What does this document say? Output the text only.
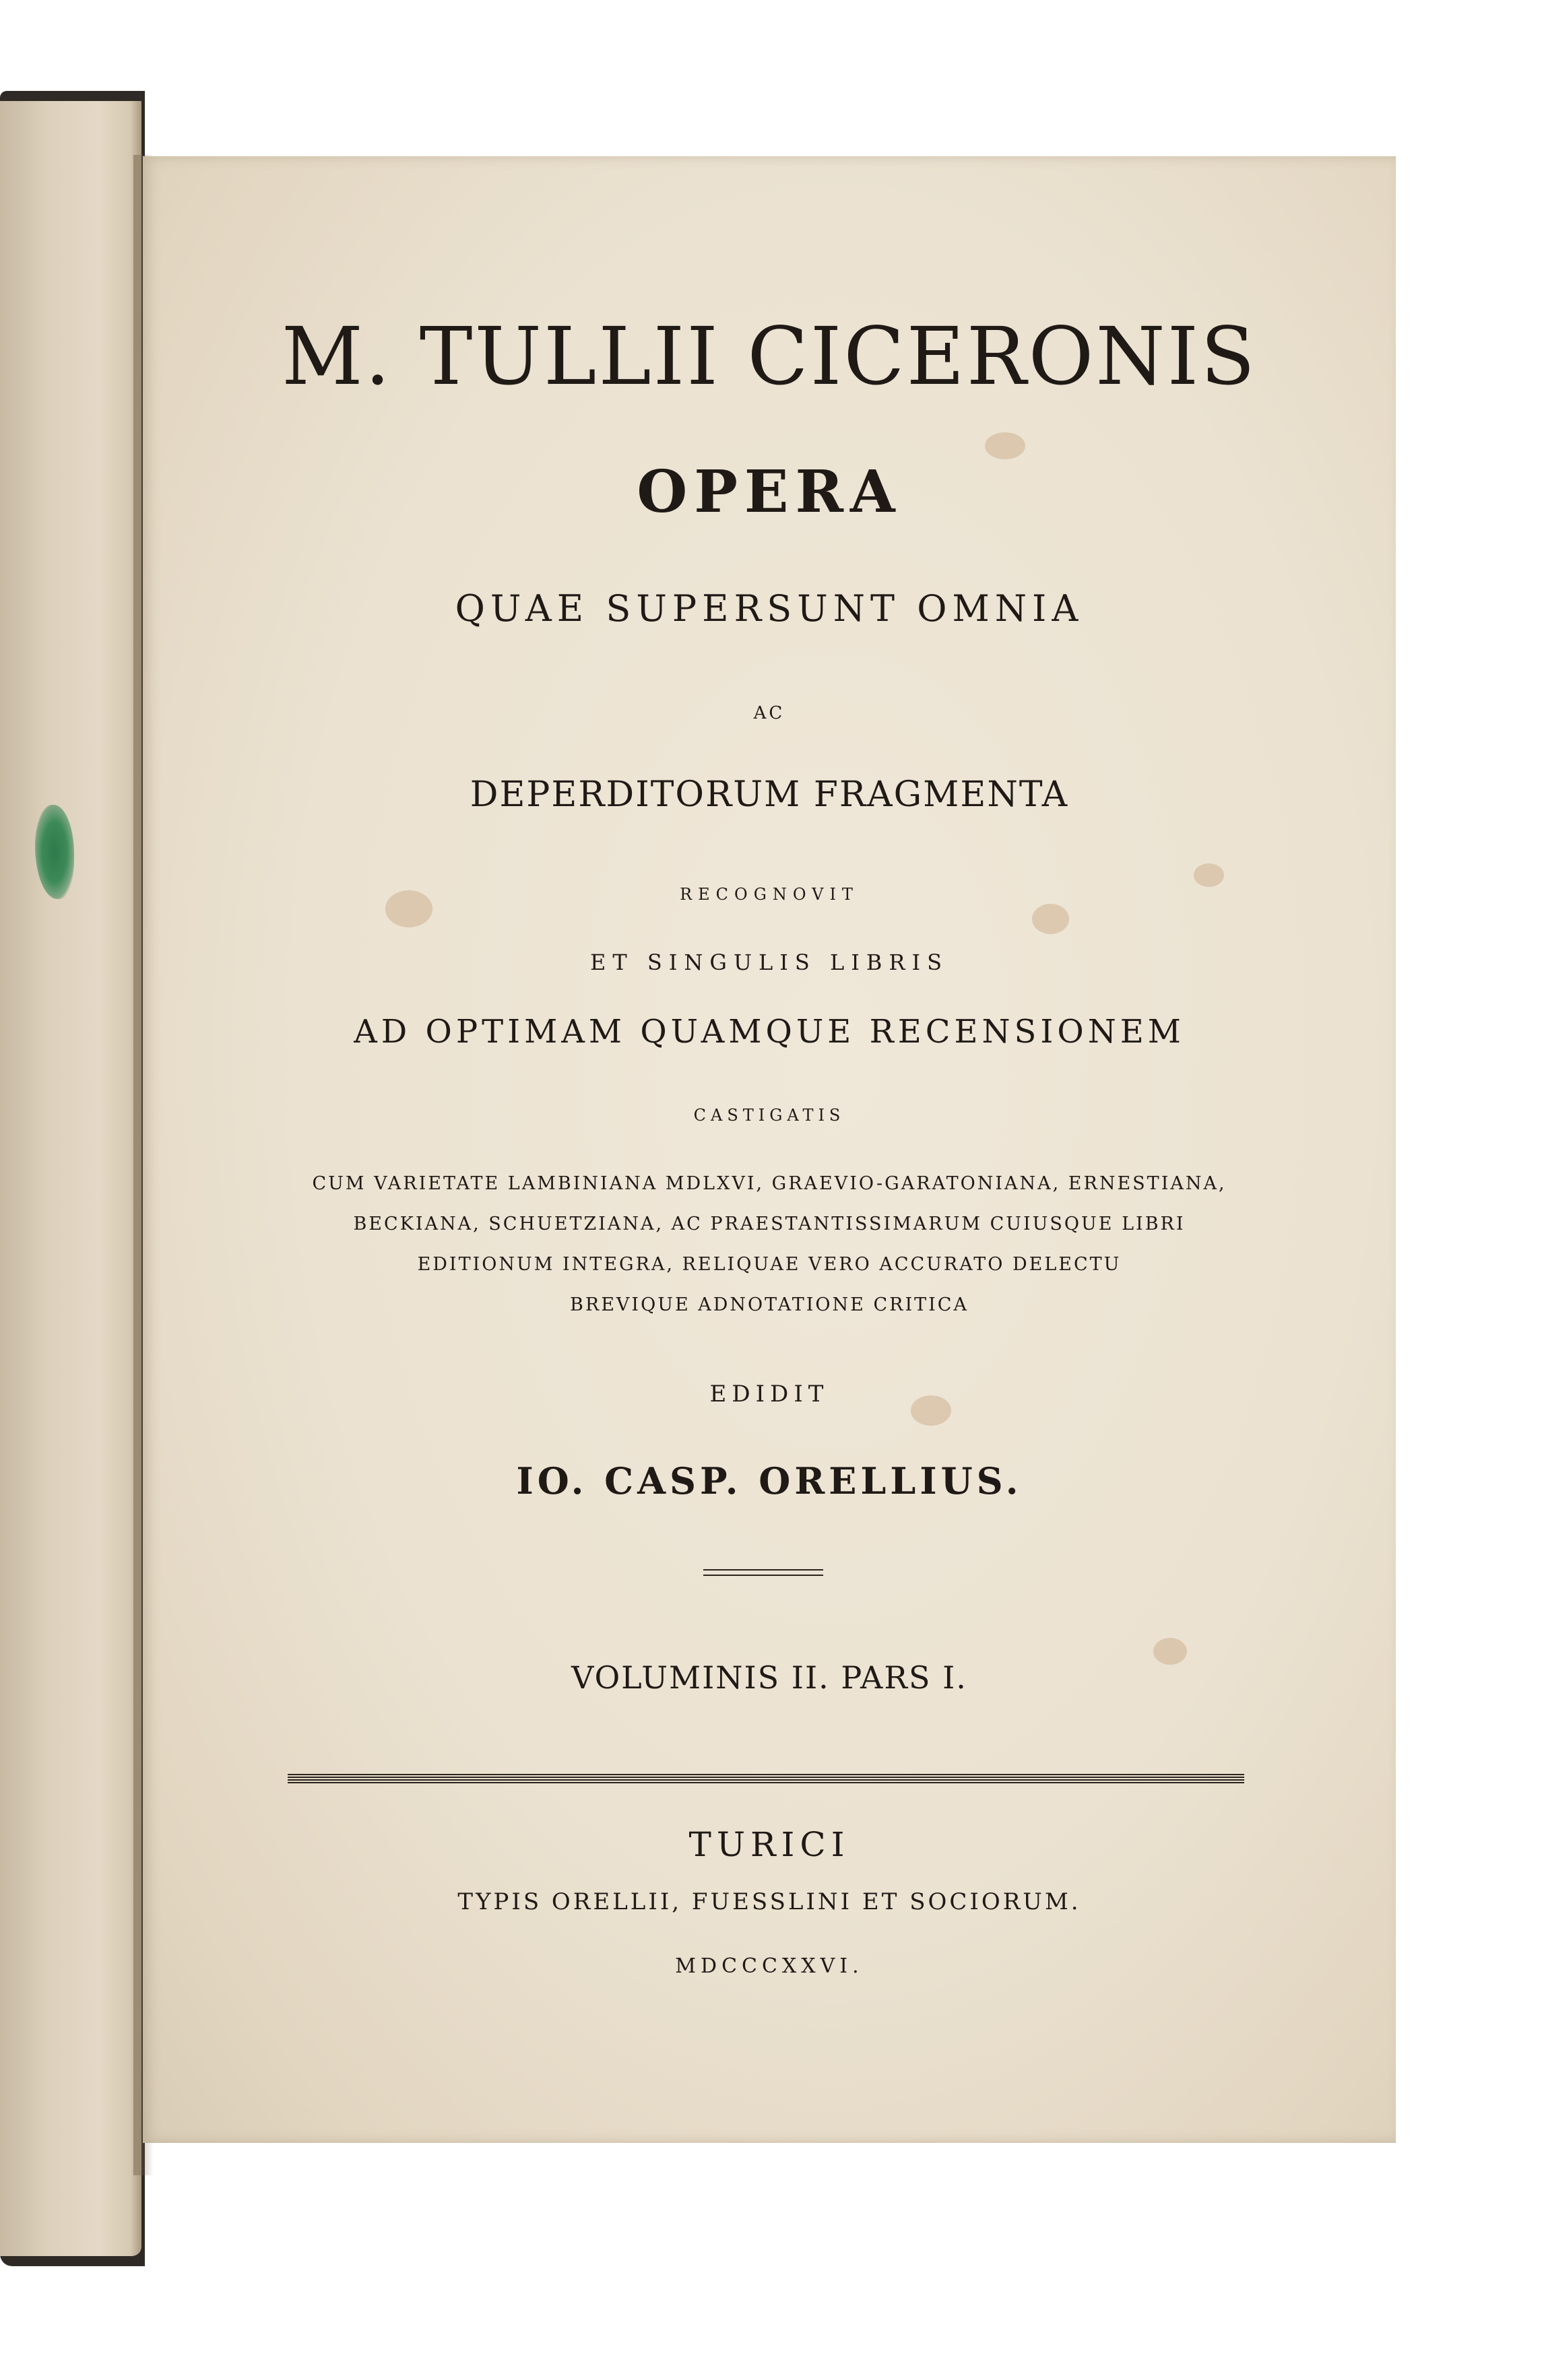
M. TULLII CICERONIS
OPERA
QUAE SUPERSUNT OMNIA
AC
DEPERDITORUM FRAGMENTA
RECOGNOVIT
ET SINGULIS LIBRIS
AD OPTIMAM QUAMQUE RECENSIONEM
CASTIGATIS
CUM VARIETATE LAMBINIANA MDLXVI, GRAEVIO-GARATONIANA, ERNESTIANA,
BECKIANA, SCHUETZIANA, AC PRAESTANTISSIMARUM CUIUSQUE LIBRI
EDITIONUM INTEGRA, RELIQUAE VERO ACCURATO DELECTU
BREVIQUE ADNOTATIONE CRITICA
EDIDIT
IO. CASP. ORELLIUS.
VOLUMINIS II. PARS I.
TURICI
TYPIS ORELLII, FUESSLINI ET SOCIORUM.
MDCCCXXVI.
